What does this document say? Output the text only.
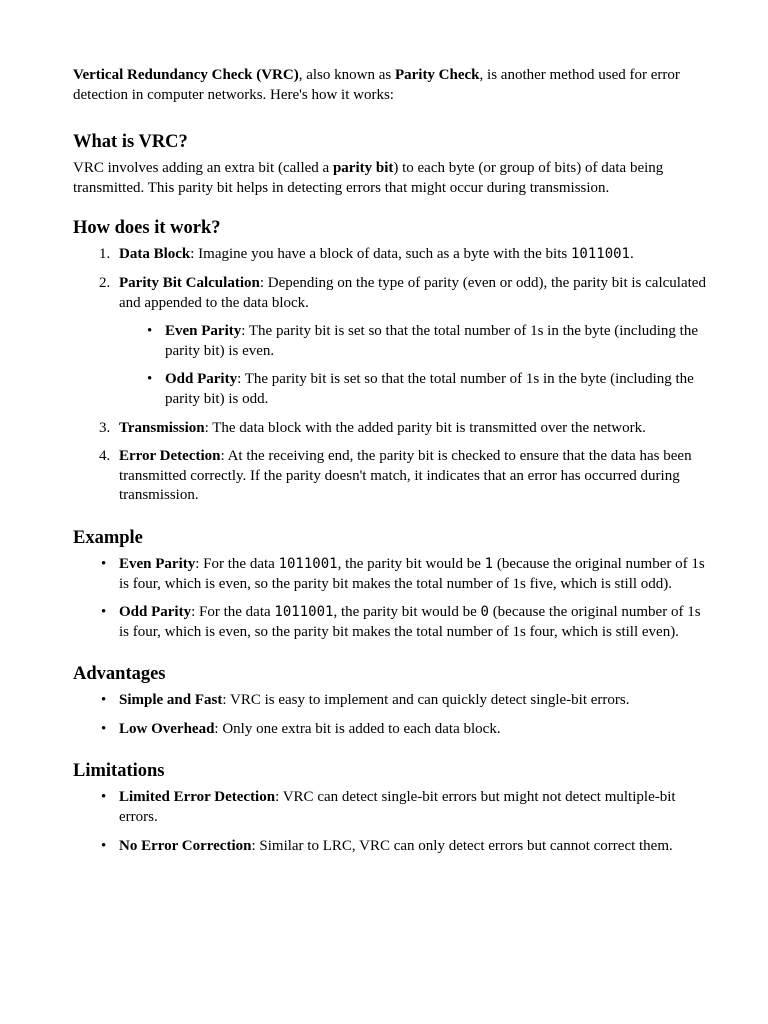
Vertical Redundancy Check (VRC), also known as Parity Check, is another method used for error detection in computer networks. Here's how it works:

What is VRC?

VRC involves adding an extra bit (called a parity bit) to each byte (or group of bits) of data being transmitted. This parity bit helps in detecting errors that might occur during transmission.

How does it work?
1. Data Block: Imagine you have a block of data, such as a byte with the bits 1011001.
2. Parity Bit Calculation: Depending on the type of parity (even or odd), the parity bit is calculated and appended to the data block.
• Even Parity: The parity bit is set so that the total number of 1s in the byte (including the parity bit) is even.
• Odd Parity: The parity bit is set so that the total number of 1s in the byte (including the parity bit) is odd.
3. Transmission: The data block with the added parity bit is transmitted over the network.
4. Error Detection: At the receiving end, the parity bit is checked to ensure that the data has been transmitted correctly. If the parity doesn't match, it indicates that an error has occurred during transmission.
Example
• Even Parity: For the data 1011001, the parity bit would be 1 (because the original number of 1s is four, which is even, so the parity bit makes the total number of 1s five, which is still odd).
• Odd Parity: For the data 1011001, the parity bit would be 0 (because the original number of 1s is four, which is even, so the parity bit makes the total number of 1s four, which is still even).
Advantages
• Simple and Fast: VRC is easy to implement and can quickly detect single-bit errors.
• Low Overhead: Only one extra bit is added to each data block.
Limitations
• Limited Error Detection: VRC can detect single-bit errors but might not detect multiple-bit errors.
• No Error Correction: Similar to LRC, VRC can only detect errors but cannot correct them.
